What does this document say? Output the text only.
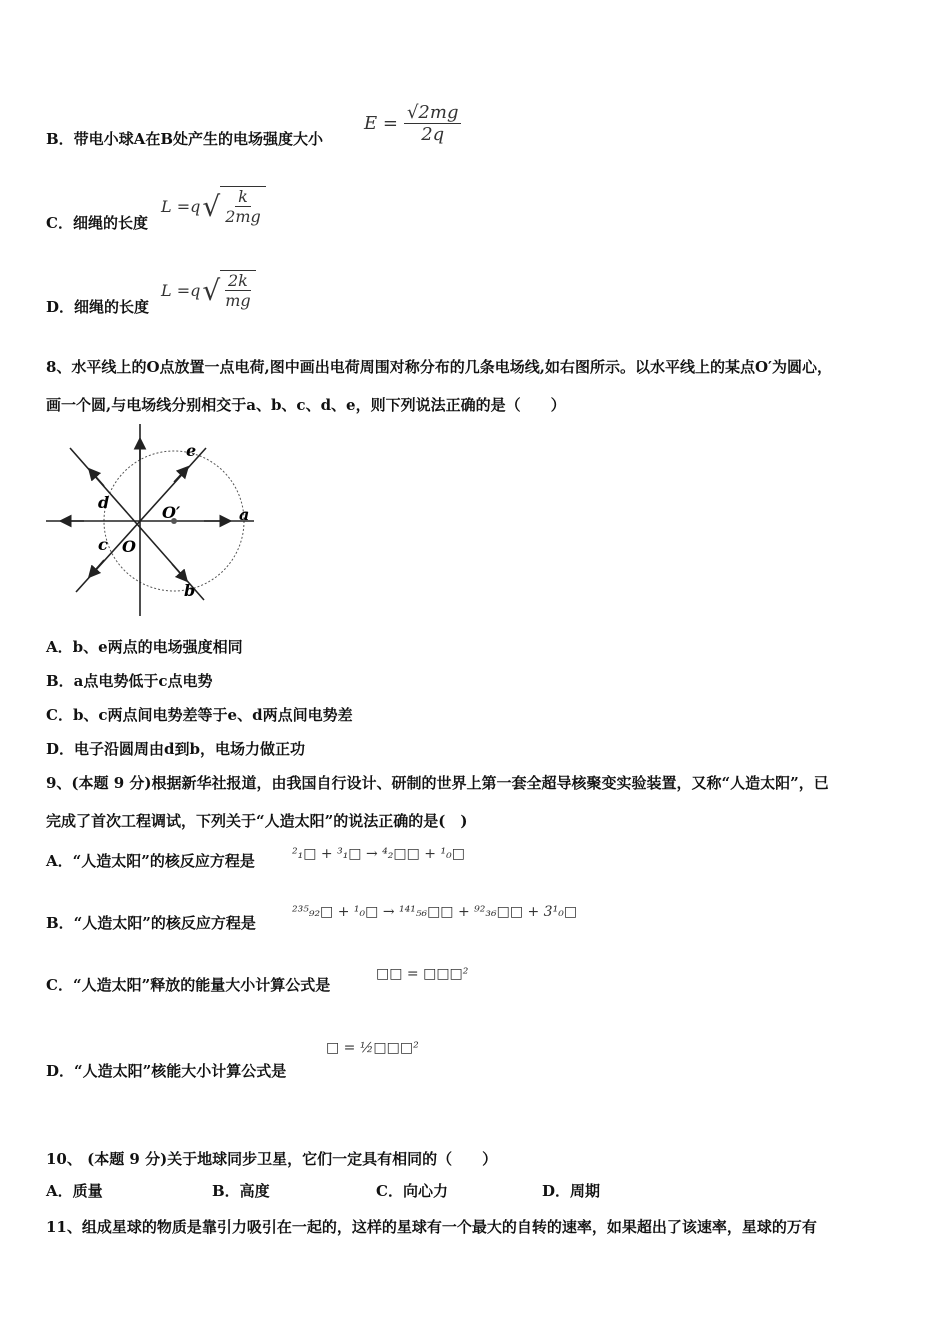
B．带电小球A在B处产生的电场强度大小
$E = \frac{√2mg}{2q}$
C．细绳的长度
L =q √ $\frac{k}{2mg}$
D．细绳的长度
L =q √ $\frac{2k}{mg}$
8、水平线上的O点放置一点电荷,图中画出电荷周围对称分布的几条电场线,如右图所示。以水平线上的某点O′为圆心，
画一个圆,与电场线分别相交于a、b、c、d、e，则下列说法正确的是（　　）
a
b
c
d
e
O
O′
A．b、e两点的电场强度相同
B．a点电势低于c点电势
C．b、c两点间电势差等于e、d两点间电势差
D．电子沿圆周由d到b，电场力做正功
9、(本题 9 分)根据新华社报道，由我国自行设计、研制的世界上第一套全超导核聚变实验装置，又称“人造太阳”，已
完成了首次工程调试，下列关于“人造太阳”的说法正确的是(　)
A．“人造太阳”的核反应方程是	²₁□ + ³₁□ → ⁴₂□□ + ¹₀□
B．“人造太阳”的核反应方程是
²³⁵₉₂□ + ¹₀□ → ¹⁴¹₅₆□□ + ⁹²₃₆□□ + 3¹₀□
C．“人造太阳”释放的能量大小计算公式是
□□ = □□□²
D．“人造太阳”核能大小计算公式是
□ = ½□□□²
10、 (本题 9 分)关于地球同步卫星，它们一定具有相同的（　　）
A．质量	B．高度	C．向心力	D．周期
11、组成星球的物质是靠引力吸引在一起的，这样的星球有一个最大的自转的速率，如果超出了该速率，星球的万有
